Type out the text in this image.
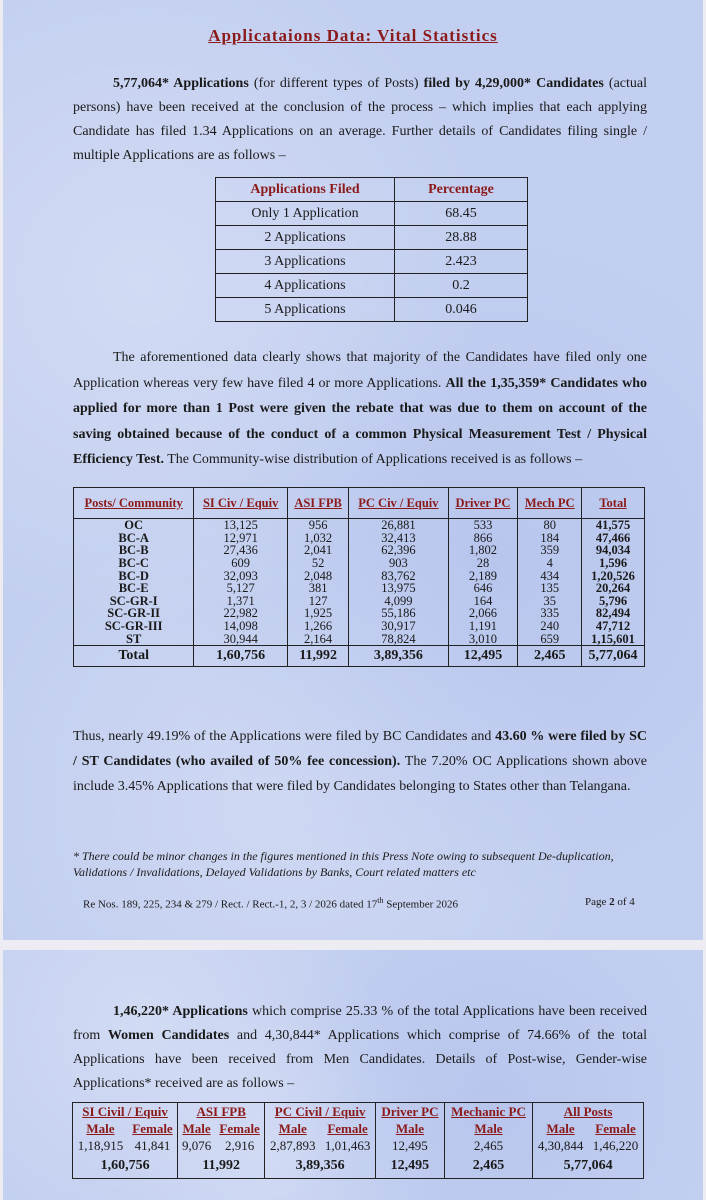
Applicataions Data: Vital Statistics
5,77,064* Applications (for different types of Posts) filed by 4,29,000* Candidates (actual persons) have been received at the conclusion of the process – which implies that each applying Candidate has filed 1.34 Applications on an average. Further details of Candidates filing single / multiple Applications are as follows –
Applications Filed	Percentage
Only 1 Application	68.45
2 Applications	28.88
3 Applications	2.423
4 Applications	0.2
5 Applications	0.046
The aforementioned data clearly shows that majority of the Candidates have filed only one Application whereas very few have filed 4 or more Applications. All the 1,35,359* Candidates who applied for more than 1 Post were given the rebate that was due to them on account of the saving obtained because of the conduct of a common Physical Measurement Test / Physical Efficiency Test. The Community-wise distribution of Applications received is as follows –
Posts/ Community	SI Civ / Equiv	ASI FPB	PC Civ / Equiv	Driver PC	Mech PC	Total
OC	13,125	956	26,881	533	80	41,575
BC-A	12,971	1,032	32,413	866	184	47,466
BC-B	27,436	2,041	62,396	1,802	359	94,034
BC-C	609	52	903	28	4	1,596
BC-D	32,093	2,048	83,762	2,189	434	1,20,526
BC-E	5,127	381	13,975	646	135	20,264
SC-GR-I	1,371	127	4,099	164	35	5,796
SC-GR-II	22,982	1,925	55,186	2,066	335	82,494
SC-GR-III	14,098	1,266	30,917	1,191	240	47,712
ST	30,944	2,164	78,824	3,010	659	1,15,601
Total	1,60,756	11,992	3,89,356	12,495	2,465	5,77,064
Thus, nearly 49.19% of the Applications were filed by BC Candidates and 43.60 % were filed by SC / ST Candidates (who availed of 50% fee concession). The 7.20% OC Applications shown above include 3.45% Applications that were filed by Candidates belonging to States other than Telangana.
* There could be minor changes in the figures mentioned in this Press Note owing to subsequent De-duplication, Validations / Invalidations, Delayed Validations by Banks, Court related matters etc
Re Nos. 189, 225, 234 & 279 / Rect. / Rect.-1, 2, 3 / 2026 dated 17th September 2026	Page 2 of 4
1,46,220* Applications which comprise 25.33 % of the total Applications have been received from Women Candidates and 4,30,844* Applications which comprise of 74.66% of the total Applications have been received from Men Candidates. Details of Post-wise, Gender-wise Applications* received are as follows –
SI Civil / Equiv		ASI FPB		PC Civil / Equiv		Driver PC	Mechanic PC	All Posts	
Male	Female	Male	Female	Male	Female	Male	Male	Male	Female
1,18,915	41,841	9,076	2,916	2,87,893	1,01,463	12,495	2,465	4,30,844	1,46,220
1,60,756		11,992		3,89,356		12,495	2,465	5,77,064	
